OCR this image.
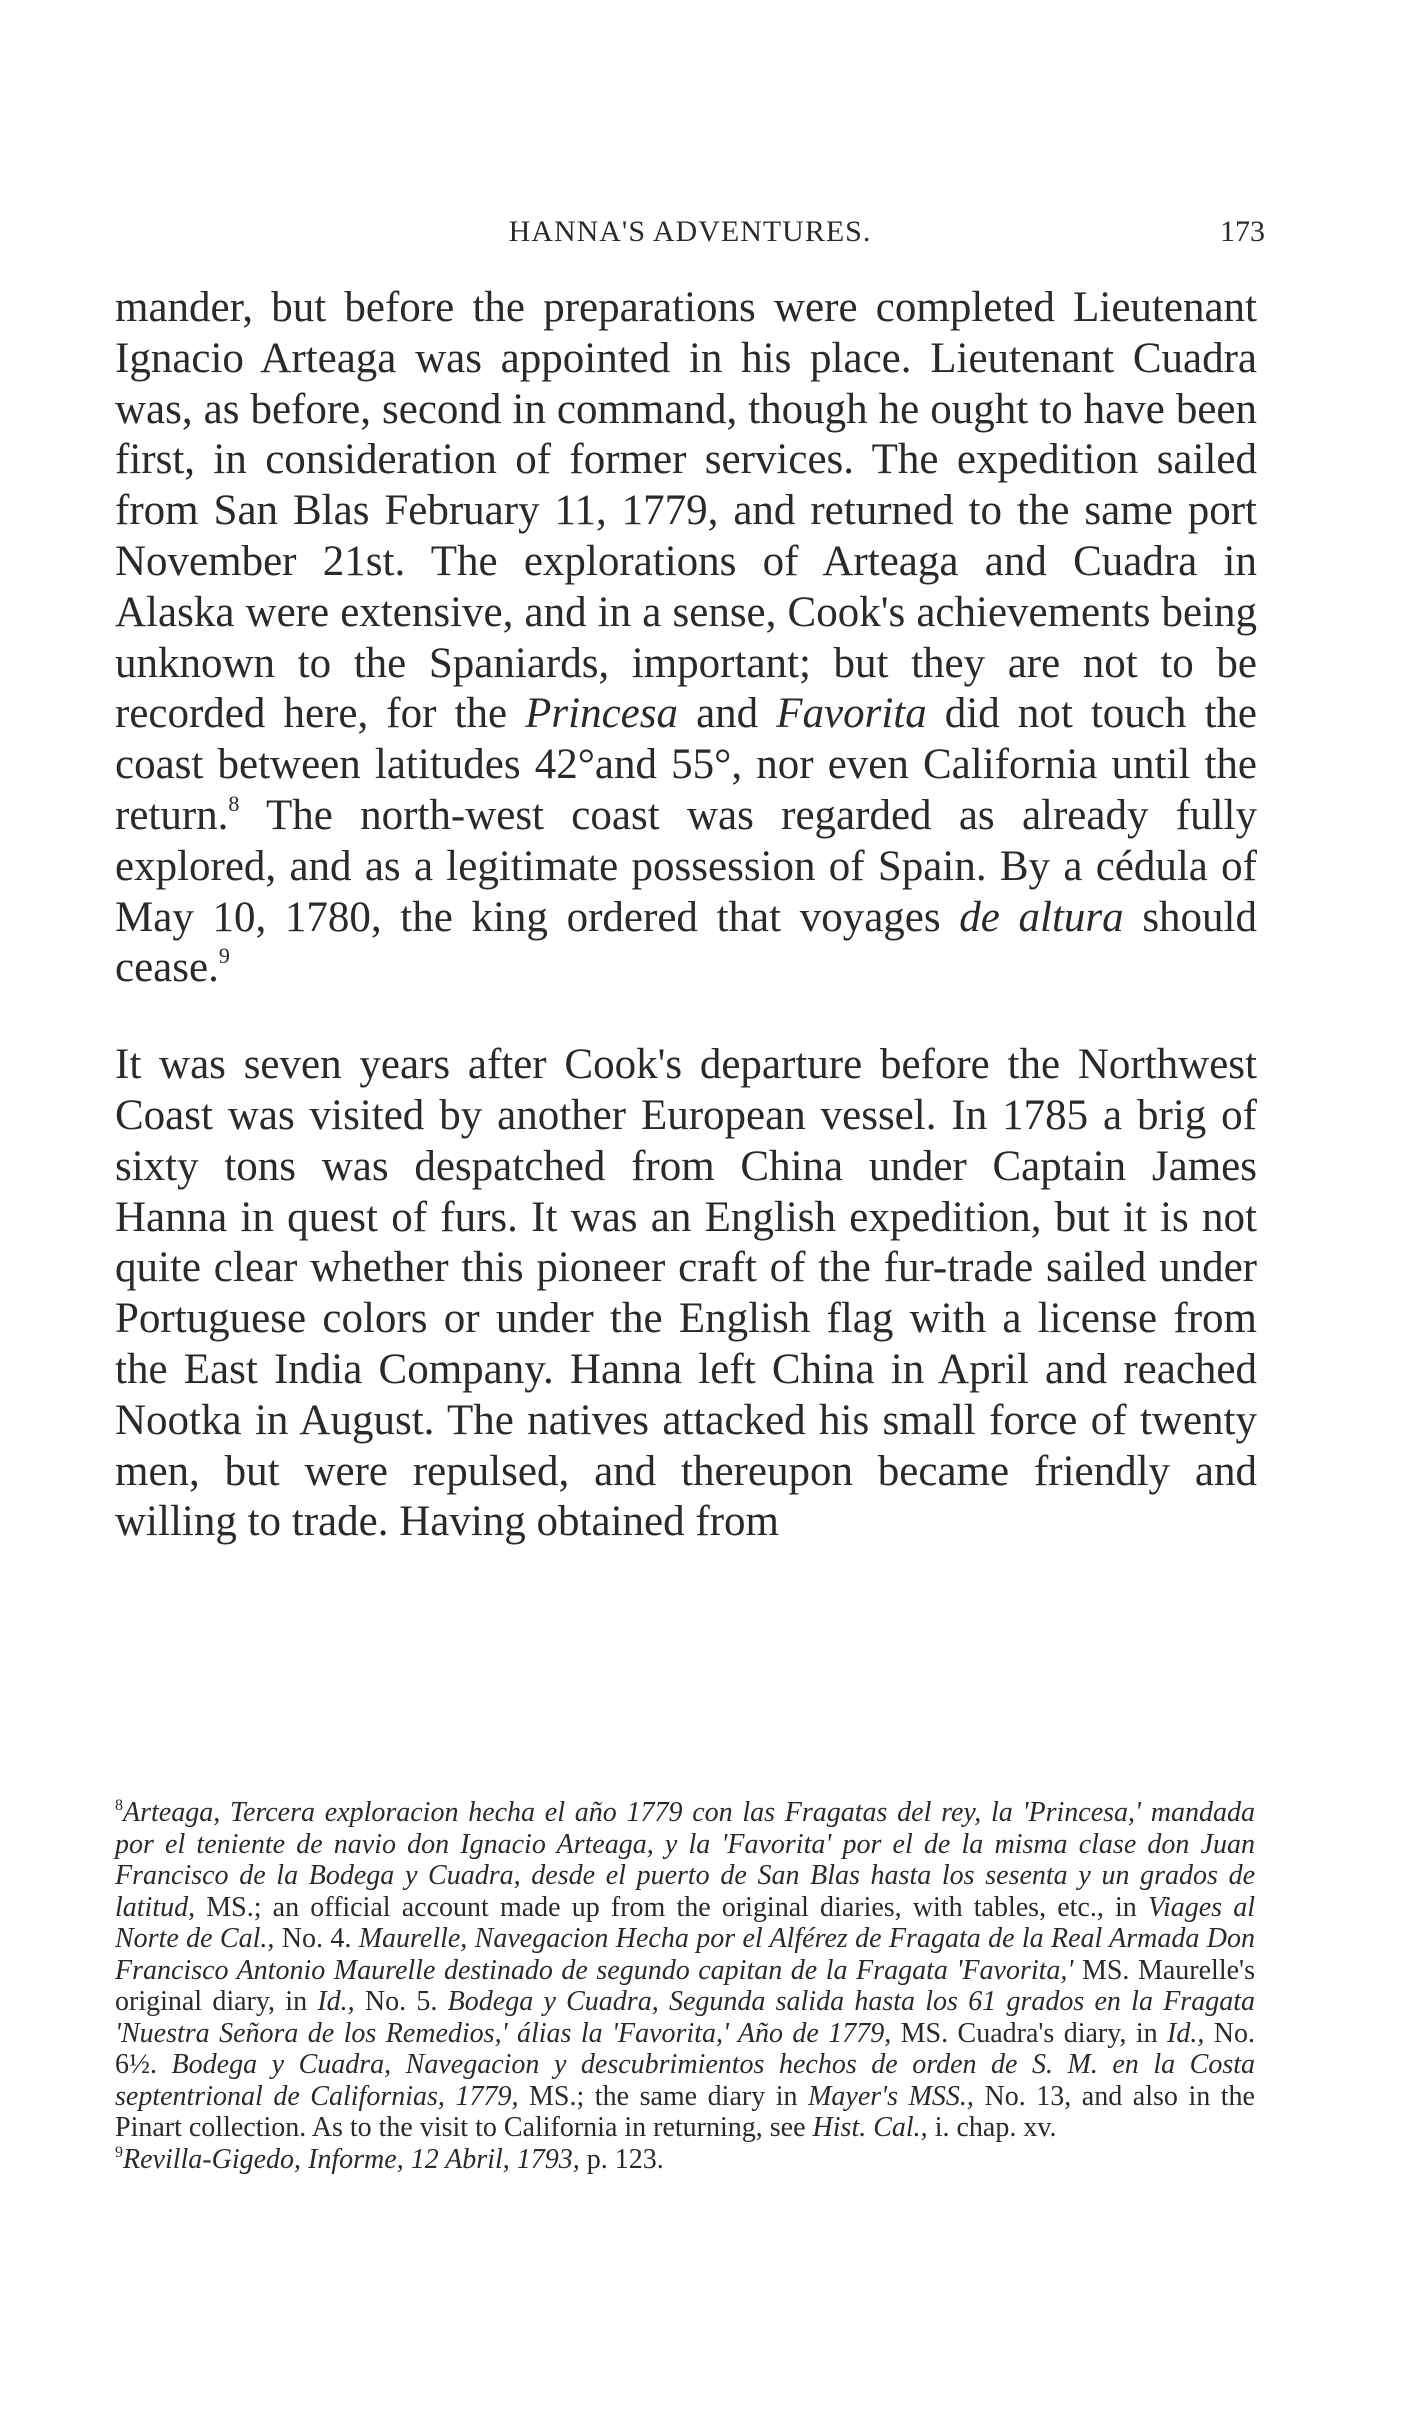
HANNA'S ADVENTURES.	173

mander, but before the preparations were completed Lieutenant Ignacio Arteaga was appointed in his place. Lieutenant Cuadra was, as before, second in command, though he ought to have been first, in consideration of former services. The expedition sailed from San Blas February 11, 1779, and returned to the same port November 21st. The explorations of Arteaga and Cuadra in Alaska were extensive, and in a sense, Cook's achievements being unknown to the Spaniards, important; but they are not to be recorded here, for the Princesa and Favorita did not touch the coast between latitudes 42°and 55°, nor even California until the return.$^8$ The north-west coast was regarded as already fully explored, and as a legitimate possession of Spain. By a cédula of May 10, 1780, the king ordered that voyages de altura should cease.$^9$

It was seven years after Cook's departure before the Northwest Coast was visited by another European vessel. In 1785 a brig of sixty tons was despatched from China under Captain James Hanna in quest of furs. It was an English expedition, but it is not quite clear whether this pioneer craft of the fur-trade sailed under Portuguese colors or under the English flag with a license from the East India Company. Hanna left China in April and reached Nootka in August. The natives attacked his small force of twenty men, but were repulsed, and thereupon became friendly and willing to trade. Having obtained from

$^8$Arteaga, Tercera exploracion hecha el año 1779 con las Fragatas del rey, la 'Princesa,' mandada por el teniente de navio don Ignacio Arteaga, y la 'Favorita' por el de la misma clase don Juan Francisco de la Bodega y Cuadra, desde el puerto de San Blas hasta los sesenta y un grados de latitud, MS.; an official account made up from the original diaries, with tables, etc., in Viages al Norte de Cal., No. 4. Maurelle, Navegacion Hecha por el Alférez de Fragata de la Real Armada Don Francisco Antonio Maurelle destinado de segundo capitan de la Fragata 'Favorita,' MS. Maurelle's original diary, in Id., No. 5. Bodega y Cuadra, Segunda salida hasta los 61 grados en la Fragata 'Nuestra Señora de los Remedios,' álias la 'Favorita,' Año de 1779, MS. Cuadra's diary, in Id., No. 6½. Bodega y Cuadra, Navegacion y descubrimientos hechos de orden de S. M. en la Costa septentrional de Californias, 1779, MS.; the same diary in Mayer's MSS., No. 13, and also in the Pinart collection. As to the visit to California in returning, see Hist. Cal., i. chap. xv.

$^9$Revilla-Gigedo, Informe, 12 Abril, 1793, p. 123.
